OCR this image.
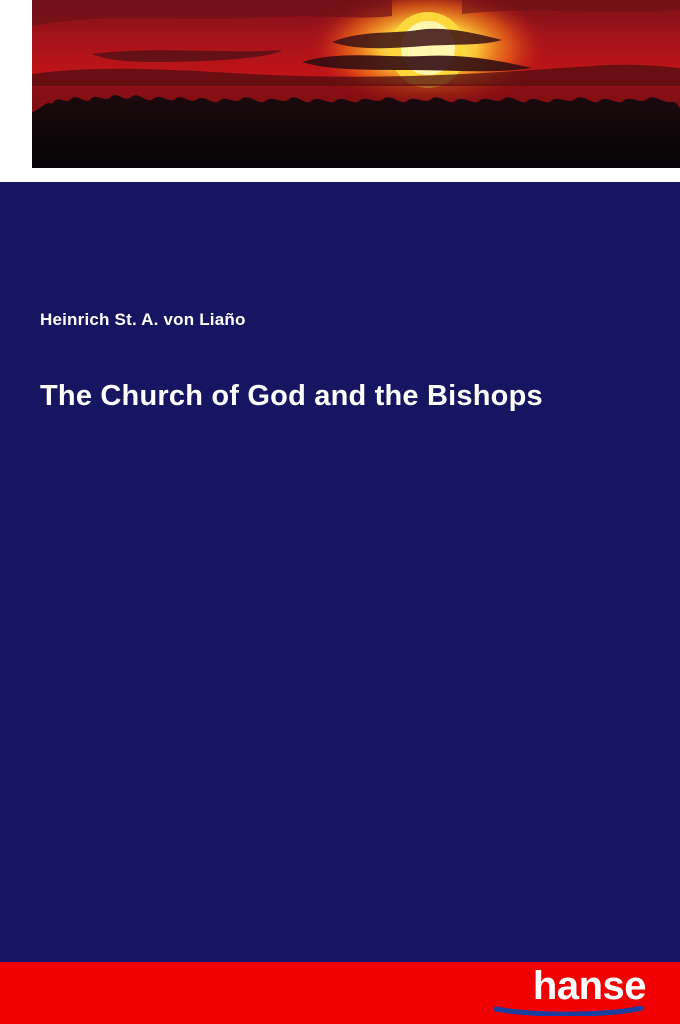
Heinrich St. A. von Liaño
The Church of God and the Bishops
hanse
